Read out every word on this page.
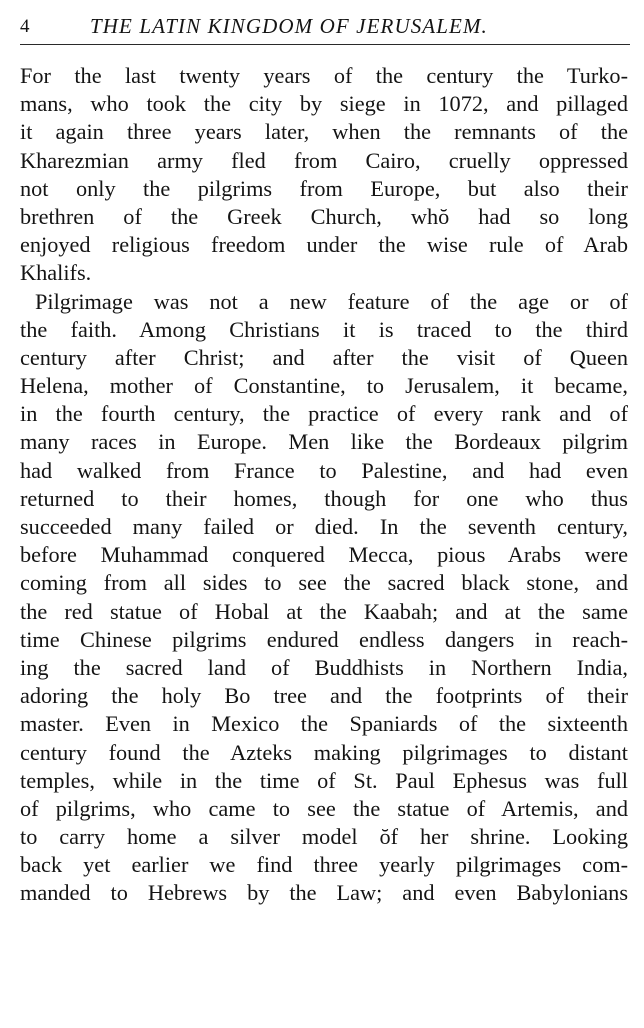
4	THE LATIN KINGDOM OF JERUSALEM.
For the last twenty years of the century the Turko-
mans, who took the city by siege in 1072, and pillaged
it again three years later, when the remnants of the
Kharezmian army fled from Cairo, cruelly oppressed
not only the pilgrims from Europe, but also their
brethren of the Greek Church, whŏ had so long
enjoyed religious freedom under the wise rule of Arab
Khalifs.
Pilgrimage was not a new feature of the age or of
the faith. Among Christians it is traced to the third
century after Christ; and after the visit of Queen
Helena, mother of Constantine, to Jerusalem, it became,
in the fourth century, the practice of every rank and of
many races in Europe. Men like the Bordeaux pilgrim
had walked from France to Palestine, and had even
returned to their homes, though for one who thus
succeeded many failed or died. In the seventh century,
before Muhammad conquered Mecca, pious Arabs were
coming from all sides to see the sacred black stone, and
the red statue of Hobal at the Kaabah; and at the same
time Chinese pilgrims endured endless dangers in reach-
ing the sacred land of Buddhists in Northern India,
adoring the holy Bo tree and the footprints of their
master. Even in Mexico the Spaniards of the sixteenth
century found the Azteks making pilgrimages to distant
temples, while in the time of St. Paul Ephesus was full
of pilgrims, who came to see the statue of Artemis, and
to carry home a silver model ŏf her shrine. Looking
back yet earlier we find three yearly pilgrimages com-
manded to Hebrews by the Law; and even Babylonians
